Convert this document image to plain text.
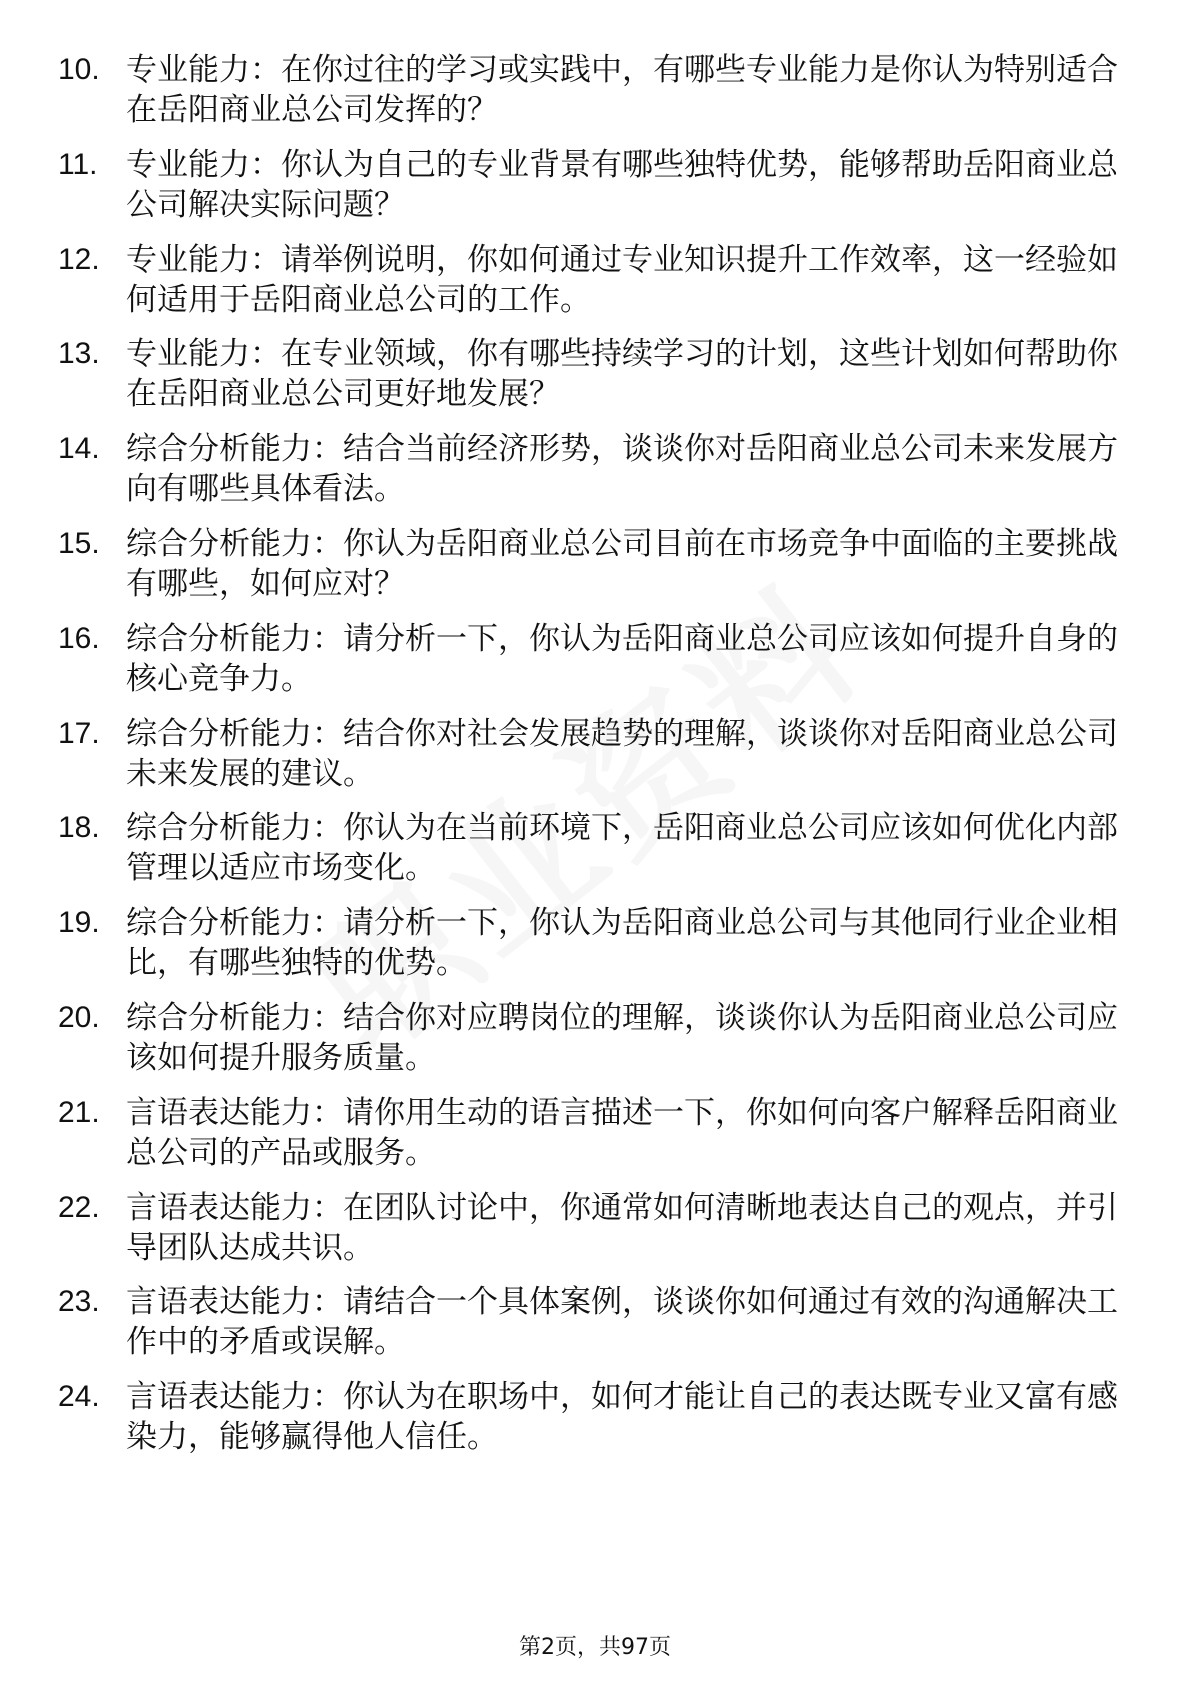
10. 专业能力：在你过往的学习或实践中，有哪些专业能力是你认为特别适合在岳阳商业总公司发挥的？
11. 专业能力：你认为自己的专业背景有哪些独特优势，能够帮助岳阳商业总公司解决实际问题？
12. 专业能力：请举例说明，你如何通过专业知识提升工作效率，这一经验如何适用于岳阳商业总公司的工作。
13. 专业能力：在专业领域，你有哪些持续学习的计划，这些计划如何帮助你在岳阳商业总公司更好地发展？
14. 综合分析能力：结合当前经济形势，谈谈你对岳阳商业总公司未来发展方向有哪些具体看法。
15. 综合分析能力：你认为岳阳商业总公司目前在市场竞争中面临的主要挑战有哪些，如何应对？
16. 综合分析能力：请分析一下，你认为岳阳商业总公司应该如何提升自身的核心竞争力。
17. 综合分析能力：结合你对社会发展趋势的理解，谈谈你对岳阳商业总公司未来发展的建议。
18. 综合分析能力：你认为在当前环境下，岳阳商业总公司应该如何优化内部管理以适应市场变化。
19. 综合分析能力：请分析一下，你认为岳阳商业总公司与其他同行业企业相比，有哪些独特的优势。
20. 综合分析能力：结合你对应聘岗位的理解，谈谈你认为岳阳商业总公司应该如何提升服务质量。
21. 言语表达能力：请你用生动的语言描述一下，你如何向客户解释岳阳商业总公司的产品或服务。
22. 言语表达能力：在团队讨论中，你通常如何清晰地表达自己的观点，并引导团队达成共识。
23. 言语表达能力：请结合一个具体案例，谈谈你如何通过有效的沟通解决工作中的矛盾或误解。
24. 言语表达能力：你认为在职场中，如何才能让自己的表达既专业又富有感染力，能够赢得他人信任。
第2页，共97页
